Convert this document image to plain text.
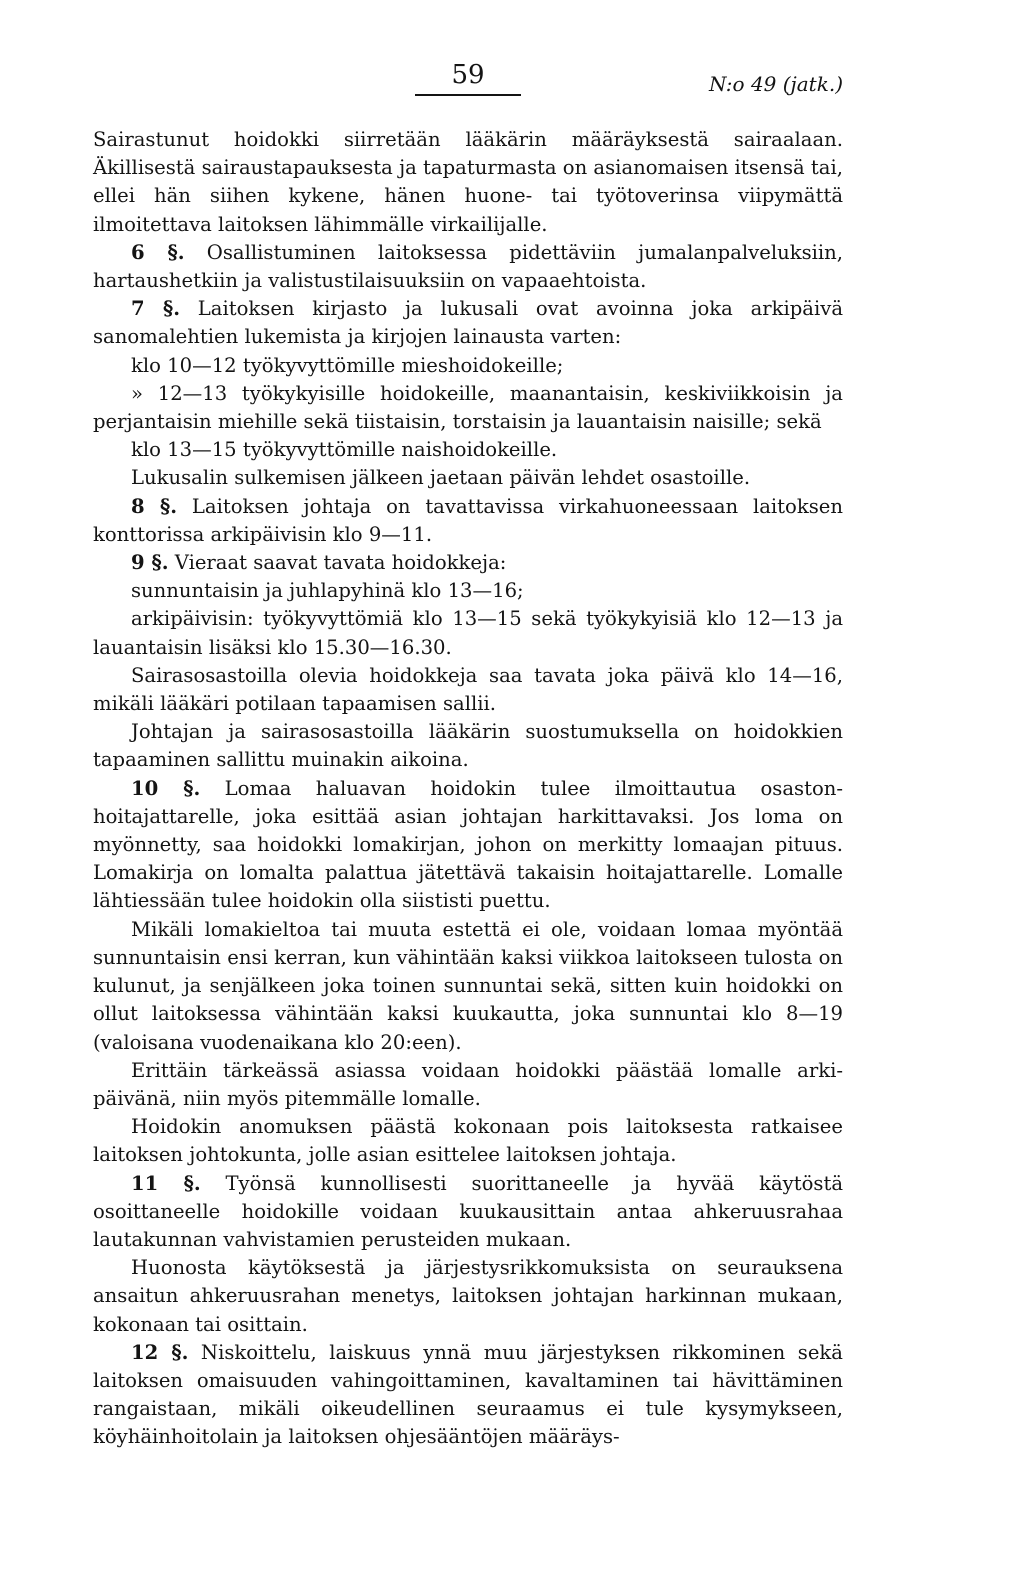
59	N:o 49 (jatk.)

Sairastunut hoidokki siirretään lääkärin määräyksestä sairaalaan. Äkillisestä sairaustapauksesta ja tapaturmasta on asianomaisen itsensä tai, ellei hän siihen kykene, hänen huone- tai työtoverinsa viipymättä ilmoitettava laitoksen lähimmälle virkailijalle.

6 §. Osallistuminen laitoksessa pidettäviin jumalanpalveluksiin, hartaushetkiin ja valistustilaisuuksiin on vapaaehtoista.

7 §. Laitoksen kirjasto ja lukusali ovat avoinna joka arkipäivä sanomalehtien lukemista ja kirjojen lainausta varten:

klo 10—12 työkyvyttömille mieshoidokeille;

» 12—13 työkykyisille hoidokeille, maanantaisin, keskiviikkoisin ja perjantaisin miehille sekä tiistaisin, torstaisin ja lauantaisin naisille; sekä

klo 13—15 työkyvyttömille naishoidokeille.

Lukusalin sulkemisen jälkeen jaetaan päivän lehdet osastoille.

8 §. Laitoksen johtaja on tavattavissa virkahuoneessaan laitoksen konttorissa arkipäivisin klo 9—11.

9 §. Vieraat saavat tavata hoidokkeja:

sunnuntaisin ja juhlapyhinä klo 13—16;

arkipäivisin: työkyvyttömiä klo 13—15 sekä työkykyisiä klo 12—13 ja lauantaisin lisäksi klo 15.30—16.30.

Sairasosastoilla olevia hoidokkeja saa tavata joka päivä klo 14—16, mikäli lääkäri potilaan tapaamisen sallii.

Johtajan ja sairasosastoilla lääkärin suostumuksella on hoidokkien tapaaminen sallittu muinakin aikoina.

10 §. Lomaa haluavan hoidokin tulee ilmoittautua osastonhoitajattarelle, joka esittää asian johtajan harkittavaksi. Jos loma on myönnetty, saa hoidokki lomakirjan, johon on merkitty lomaajan pituus. Lomakirja on lomalta palattua jätettävä takaisin hoitajattarelle. Lomalle lähtiessään tulee hoidokin olla siististi puettu.

Mikäli lomakieltoa tai muuta estettä ei ole, voidaan lomaa myöntää sunnuntaisin ensi kerran, kun vähintään kaksi viikkoa laitokseen tulosta on kulunut, ja senjälkeen joka toinen sunnuntai sekä, sitten kuin hoidokki on ollut laitoksessa vähintään kaksi kuukautta, joka sunnuntai klo 8—19 (valoisana vuodenaikana klo 20:een).

Erittäin tärkeässä asiassa voidaan hoidokki päästää lomalle arkipäivänä, niin myös pitemmälle lomalle.

Hoidokin anomuksen päästä kokonaan pois laitoksesta ratkaisee laitoksen johtokunta, jolle asian esittelee laitoksen johtaja.

11 §. Työnsä kunnollisesti suorittaneelle ja hyvää käytöstä osoittaneelle hoidokille voidaan kuukausittain antaa ahkeruusrahaa lautakunnan vahvistamien perusteiden mukaan.

Huonosta käytöksestä ja järjestysrikkomuksista on seurauksena ansaitun ahkeruusrahan menetys, laitoksen johtajan harkinnan mukaan, kokonaan tai osittain.

12 §. Niskoittelu, laiskuus ynnä muu järjestyksen rikkominen sekä laitoksen omaisuuden vahingoittaminen, kavaltaminen tai hävittäminen rangaistaan, mikäli oikeudellinen seuraamus ei tule kysymykseen, köyhäinhoitolain ja laitoksen ohjesääntöjen määräys-
